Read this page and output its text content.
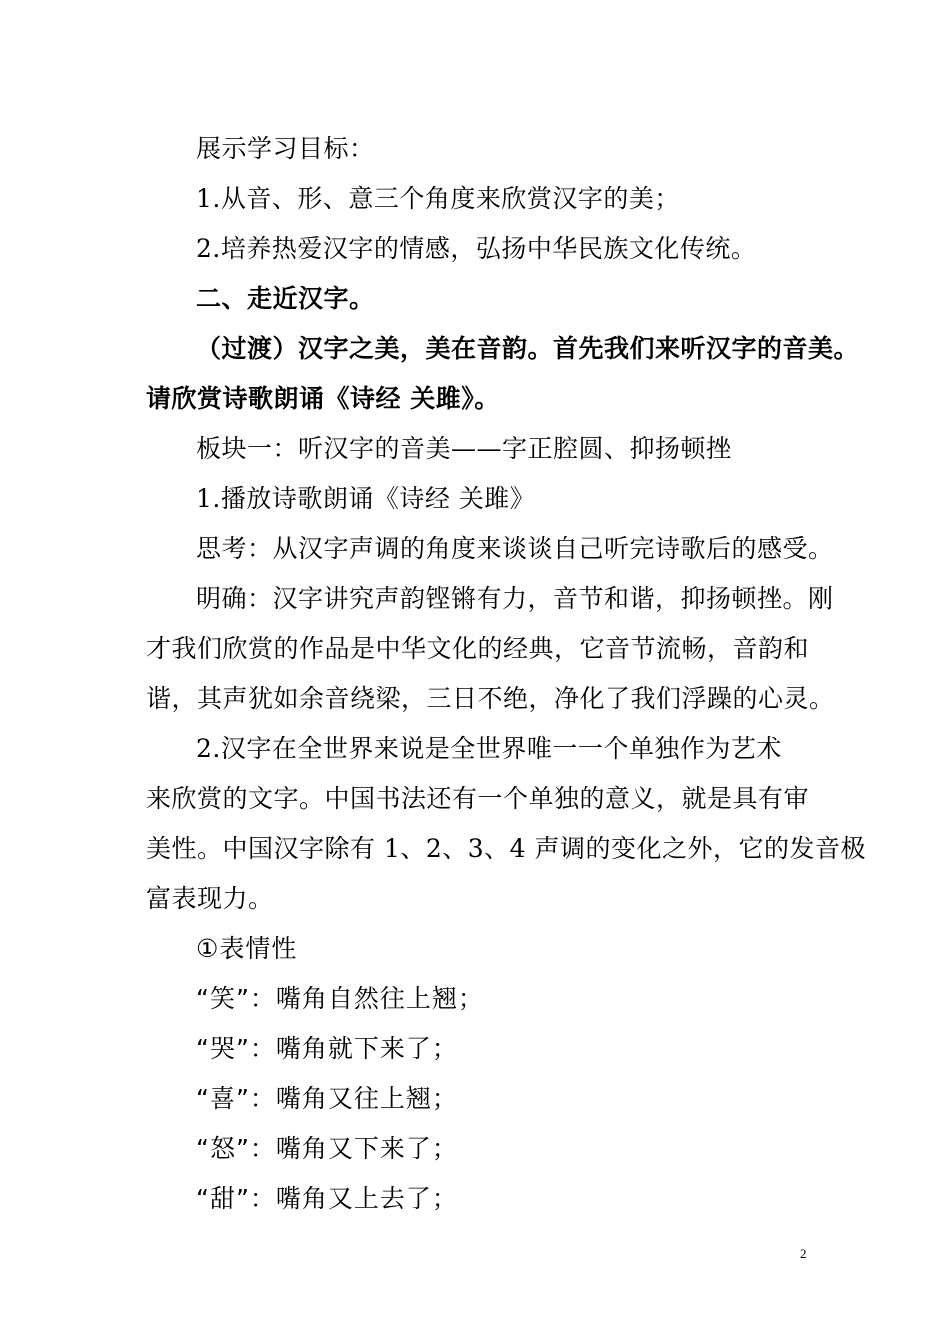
展示学习目标：
1.从音、形、意三个角度来欣赏汉字的美；
2.培养热爱汉字的情感，弘扬中华民族文化传统。
二、走近汉字。
（过渡）汉字之美，美在音韵。首先我们来听汉字的音美。
请欣赏诗歌朗诵《诗经 关雎》。
板块一：听汉字的音美——字正腔圆、抑扬顿挫
1.播放诗歌朗诵《诗经 关雎》
思考：从汉字声调的角度来谈谈自己听完诗歌后的感受。
明确：汉字讲究声韵铿锵有力，音节和谐，抑扬顿挫。刚
才我们欣赏的作品是中华文化的经典，它音节流畅，音韵和
谐，其声犹如余音绕梁，三日不绝，净化了我们浮躁的心灵。
2.汉字在全世界来说是全世界唯一一个单独作为艺术
来欣赏的文字。中国书法还有一个单独的意义，就是具有审
美性。中国汉字除有 1、2、3、4 声调的变化之外，它的发音极
富表现力。
①表情性
“笑”：嘴角自然往上翘；
“哭”：嘴角就下来了；
“喜”：嘴角又往上翘；
“怒”：嘴角又下来了；
“甜”：嘴角又上去了；
2
